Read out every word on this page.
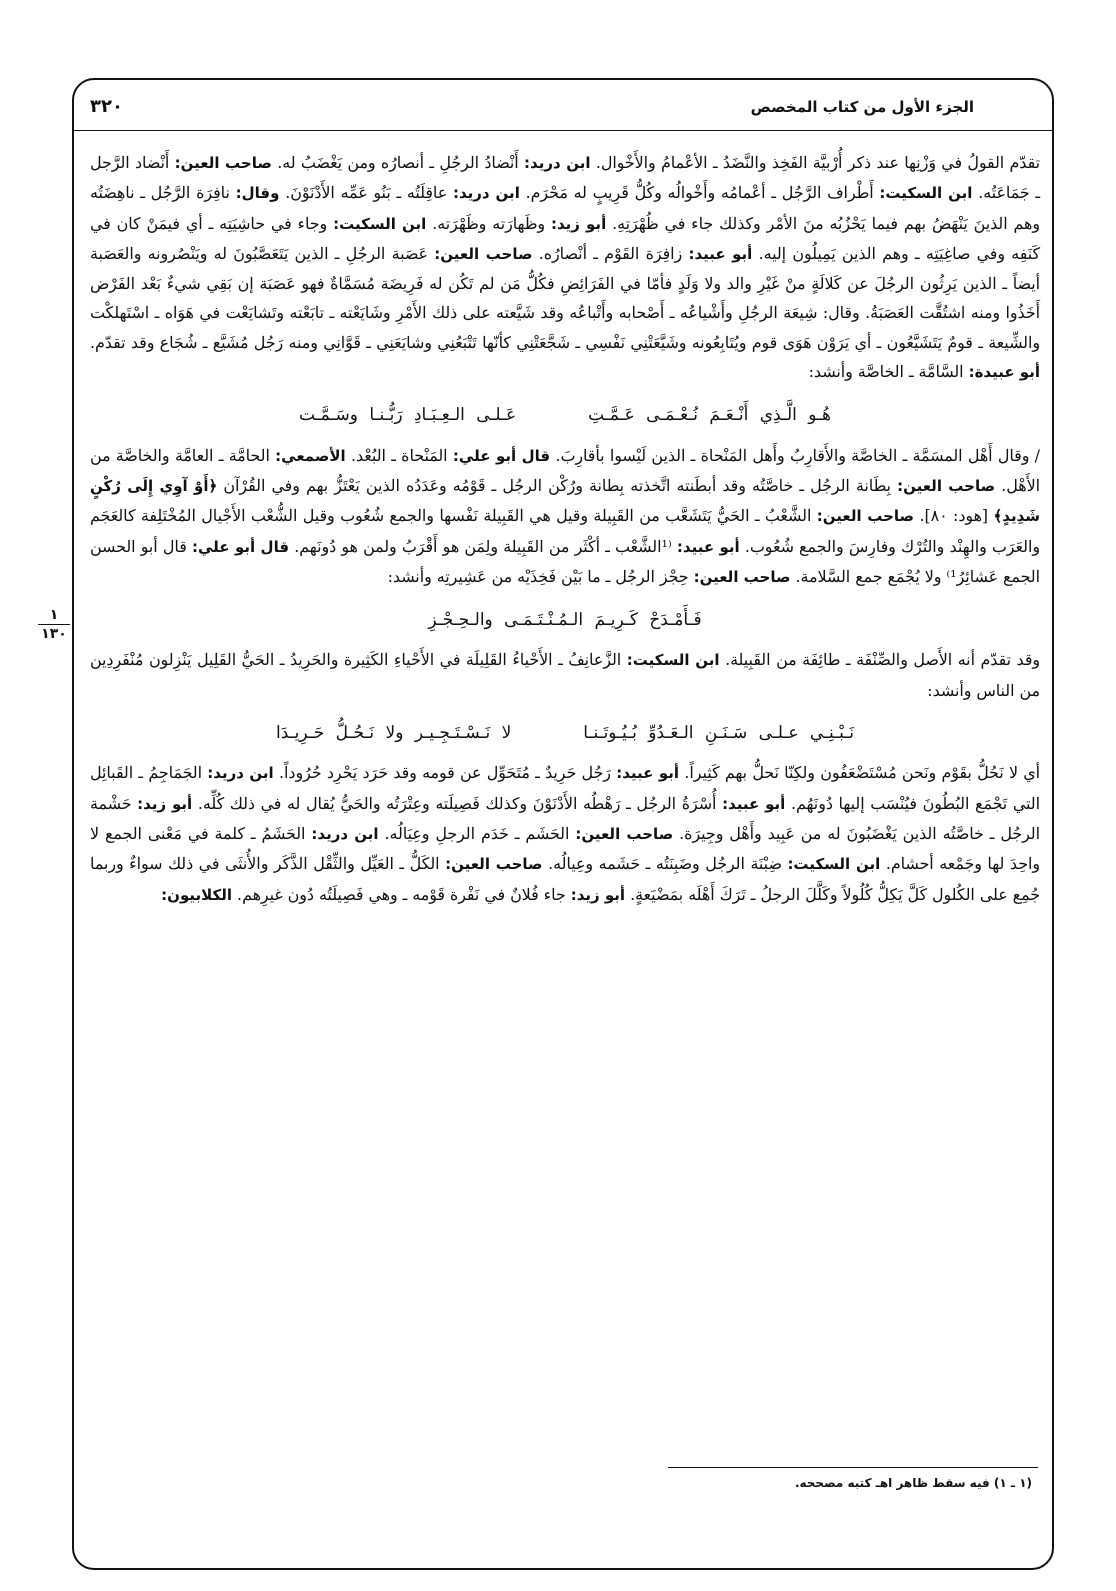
الجزء الأول من كتاب المخصص
٣٢٠
١
١٣٠

تقدّم القولُ في وَزْنِها عند ذكر أُرْبيَّة الفَخِذ والنَّضَدُ ـ الأعْمامُ والأَخْوال. ابن دريد: أَنْضادُ الرجُلِ ـ أنصارُه ومن يَغْضَبُ له. صاحب العين: أَنْضاد الرَّجل ـ جَمَاعَتُه. ابن السكيت: أَطْراف الرَّجُل ـ أعْمامُه وأَخْوالُه وكُلُّ قَرِيبٍ له مَحْرَم. ابن دريد: عاقِلَتُه ـ بَنُو عَمِّه الأَدْنَوْنَ. وقال: نافِرَة الرَّجُل ـ ناهِضَتُه وهم الذينَ يَنْهَضُ بهم فيما يَحْزُبُه منَ الأمْر وكذلك جاء في ظُهْرَتِهِ. أبو زيد: وظَهارَته وظَهْرَته. ابن السكيت: وجاء في حاشِيَتِه ـ أي فيمَنْ كان في كَنَفِه وفي صاغِيَتِه ـ وهم الذين يَمِيلُون إليه. أبو عبيد: زافِرَة القَوْم ـ أنْصارُه. صاحب العين: عَصَبة الرجُلِ ـ الذين يَتَعَصَّبُونَ له ويَنْصُرونه والعَصَبة أيضاً ـ الذين يَرِثُون الرجُلَ عن كَلالَةٍ منْ غَيْرِ والد ولا وَلَدٍ فأمّا في الفَرَائِضِ فكُلُّ مَن لم تَكُن له فَرِيضَة مُسَمَّاةٌ فهو عَصَبَة إن بَقِي شيءٌ بَعْد الفَرْض أَخَذُوا ومنه اشتُقَّت العَصَبَةُ. وقال: شِيعَة الرجُلِ وأَشْياعُه ـ أَصْحابه وأَتْباعُه وقد شَيَّعته على ذلك الأَمْرِ وشَايَعْته ـ تابَعْته وتَشايَعْت في هَوَاه ـ اسْتَهلكْت والشِّيعة ـ قومٌ يَتَشَيَّعُون ـ أي يَرَوْن هَوَى قوم ويُتَابِعُونه وشَيَّعَتْنِي نَفْسِي ـ شَجَّعَتْنِي كأنّها تَتْبَعُنِي وشايَعَنِي ـ قَوَّانِي ومنه رَجُل مُشَيَّع ـ شُجَاع وقد تقدّم. أبو عبيدة: السَّامَّة ـ الخاصَّة وأنشد:

هُـو الَّـذِي أَنْـعَـمَ نُـعْـمَـى عَـمَّـتِ عَـلـى الـعِـبَـادِ رَبُّـنـا وسَـمَّـت

/ وقال أَهْل المسَمَّة ـ الخاصَّة والأَقارِبُ وأَهل المَنْحاة ـ الذين لَيْسوا بأقارِبَ. قال أبو علي: المَنْحاة ـ البُعْد. الأصمعي: الحامَّة ـ العامَّة والخاصَّة من الأَهْل. صاحب العين: بِطَانة الرجُل ـ خاصَّتُه وقد أبطَنته اتَّخذته بِطانة ورُكْن الرجُل ـ قَوْمُه وعَدَدُه الذين يَعْتَزُّ بهم وفي القُرْآن ﴿أَوْ آوِي إِلَى رُكْنٍ شَدِيدٍ﴾ [هود: ٨٠]. صاحب العين: الشَّعْبُ ـ الحَيُّ يَتَشَعَّب من القَبِيلة وقيل هي القَبِيلة نَفْسها والجمع شُعُوب وقيل الشُّعْب الأَجْيال المُخْتَلِفة كالعَجَم والعَرَب والهِنْد والتُرْك وفارِسَ والجمع شُعُوب. أبو عبيد: ⁽¹الشَّعْب ـ أكْثَر من القَبِيلة ولِمَن هو أَقْرَبُ ولمن هو دُونَهم. قال أبو علي: قال أبو الحسن الجمع عَشائِرُ¹⁾ ولا يُجْمَع جمع السَّلامة. صاحب العين: حِجْز الرجُل ـ ما بَيْن فَخِذَيْه من عَشِيرتِه وأنشد:

فَـأَمْـدَحْ كَـرِيـمَ الـمُـنْـتَـمَـى والـحِـجْـزِ

وقد تقدّم أنه الأَصل والصِّنْفَة ـ طائِفَة من القَبِيلة. ابن السكيت: الزَّعانِفُ ـ الأَحْياءُ القَلِيلَة في الأَحْياءِ الكَثِيرة والحَرِيدُ ـ الحَيُّ القَلِيل يَنْزِلون مُنْفَرِدِين من الناس وأنشد:

نَـبْـنِـي عـلـى سَـنَـنِ الـعَـدُوِّ بُـيُـوتَـنـا لا نَـسْـتَـجِـيـر ولا نَـحُـلُّ حَـرِيـدَا

أي لا نَحُلُّ بقَوْم ونَحن مُسْتَضْعَفُون ولكِنّا نَحلُّ بهم كَثِيراً. أبو عبيد: رَجُل حَرِيدٌ ـ مُتَحَوِّل عن قومه وقد حَرَد يَحْرِد حُرُوداً. ابن دريد: الجَمَاجِمُ ـ القَبائِل التي تَجْمَع البُطُونَ فيُنْسَب إليها دُونَهُم. أبو عبيد: أُسْرَةُ الرجُل ـ رَهْطُه الأَدْنَوْنَ وكذلك فَصِيلَته وعِتْرَتُه والحَيُّ يُقال له في ذلك كُلِّه. أبو زيد: حَشْمة الرجُل ـ خاصَّتُه الذين يَغْضَبُونَ له من عَبِيد وأَهْل وجِيرَة. صاحب العين: الحَشَم ـ خَدَم الرجلِ وعِيَالُه. ابن دريد: الحَشَمُ ـ كلمة في مَعْنى الجمع لا واحِدَ لها وجَمْعه أحشام. ابن السكيت: ضِبْنَة الرجُل وضَبِنَتُه ـ حَشَمه وعِيالُه. صاحب العين: الكَلُّ ـ العَيِّل والثِّقْل الذَّكَر والأُنثَى في ذلك سواءٌ وربما جُمِع على الكُلول كَلَّ يَكِلُّ كُلُولاً وكَلَّلَ الرجلُ ـ تَرَكَ أَهْلَه بمَضْيَعةٍ. أبو زيد: جاء فُلانٌ في نَفْرة قَوْمه ـ وهي فَصِيلَتُه دُون غيرِهم. الكلابيون:

(١ ـ ١) فيه سقط ظاهر اهـ كتبه مصححه.
